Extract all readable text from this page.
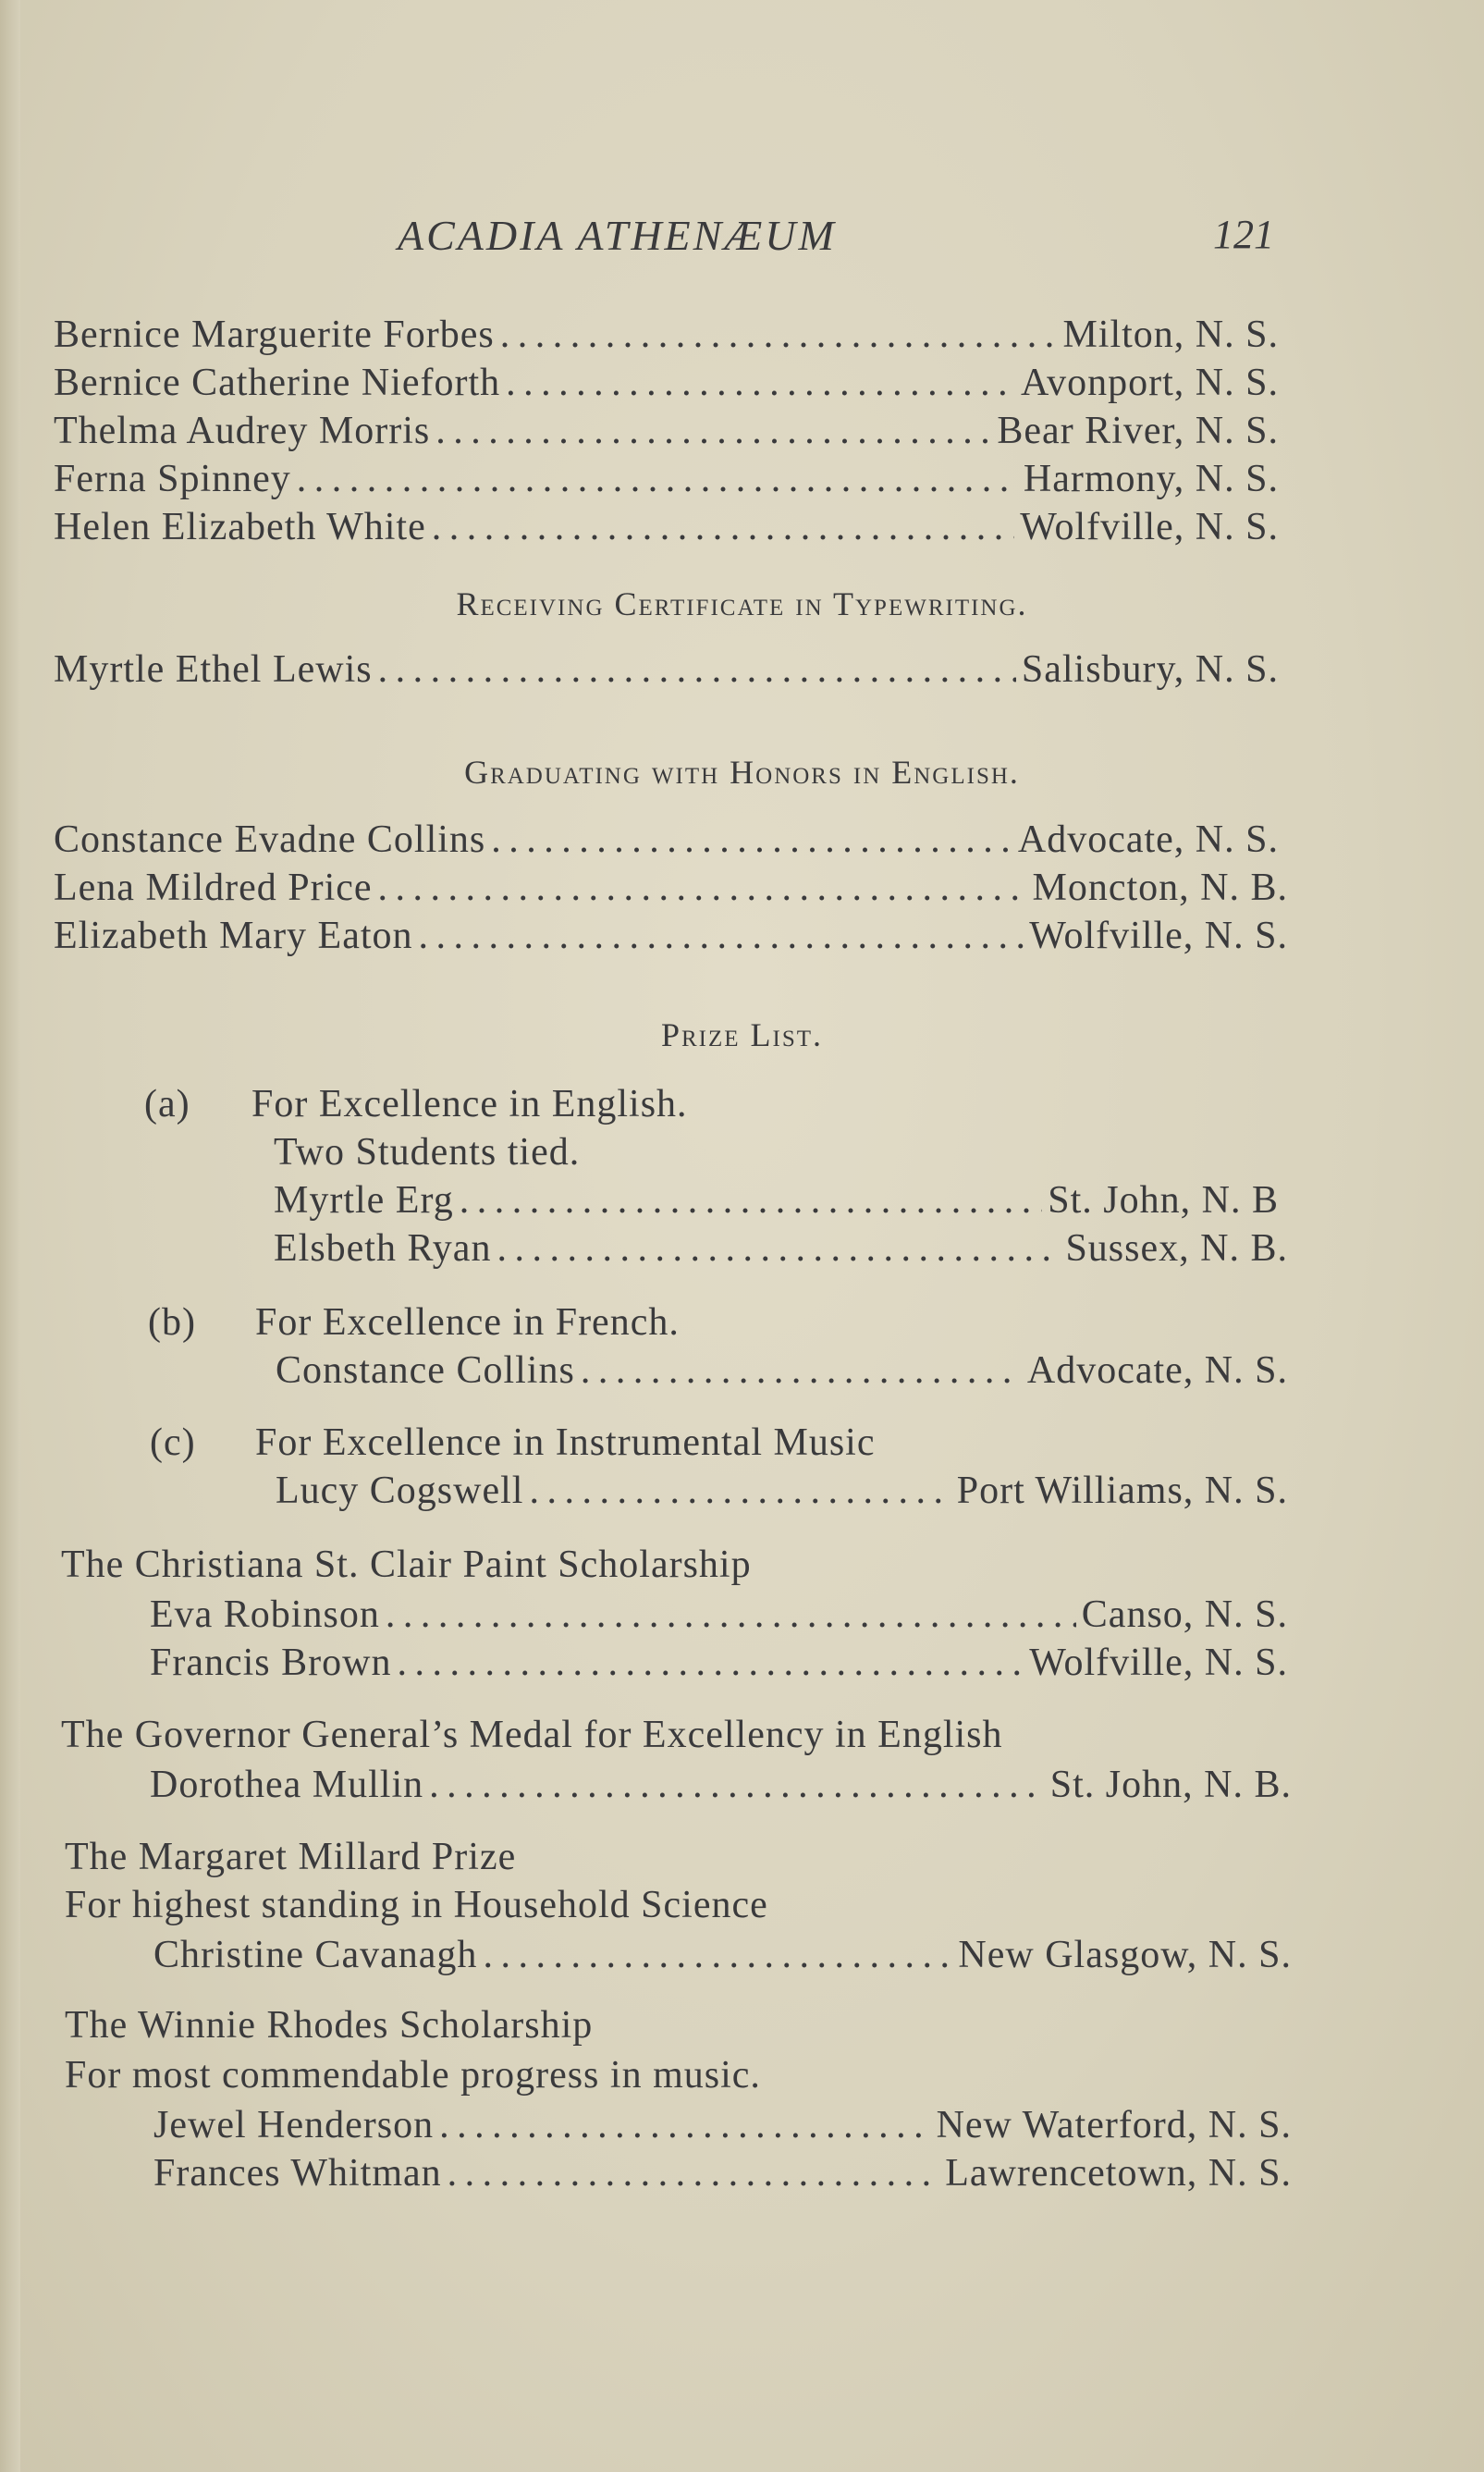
ACADIA ATHENÆUM	121
Bernice Marguerite Forbes . . .	Milton, N. S.
Bernice Catherine Nieforth . . .	Avonport, N. S.
Thelma Audrey Morris . . .	Bear River, N. S.
Ferna Spinney . . .	Harmony, N. S.
Helen Elizabeth White . . .	Wolfville, N. S.
Receiving Certificate in Typewriting.
Myrtle Ethel Lewis . . .	Salisbury, N. S.
Graduating with Honors in English.
Constance Evadne Collins . . .	Advocate, N. S.
Lena Mildred Price . . .	Moncton, N. B.
Elizabeth Mary Eaton . . .	Wolfville, N. S.
Prize List.
(a) For Excellence in English.
Two Students tied.
Myrtle Erg . . .	St. John, N. B
Elsbeth Ryan . . .	Sussex, N. B.
(b) For Excellence in French.
Constance Collins . . .	Advocate, N. S.
(c) For Excellence in Instrumental Music
Lucy Cogswell . . .	Port Williams, N. S.
The Christiana St. Clair Paint Scholarship
Eva Robinson . . .	Canso, N. S.
Francis Brown . . .	Wolfville, N. S.
The Governor General’s Medal for Excellency in English
Dorothea Mullin . . .	St. John, N. B.
The Margaret Millard Prize
For highest standing in Household Science
Christine Cavanagh . . .	New Glasgow, N. S.
The Winnie Rhodes Scholarship
For most commendable progress in music.
Jewel Henderson . . .	New Waterford, N. S.
Frances Whitman . . .	Lawrencetown, N. S.
